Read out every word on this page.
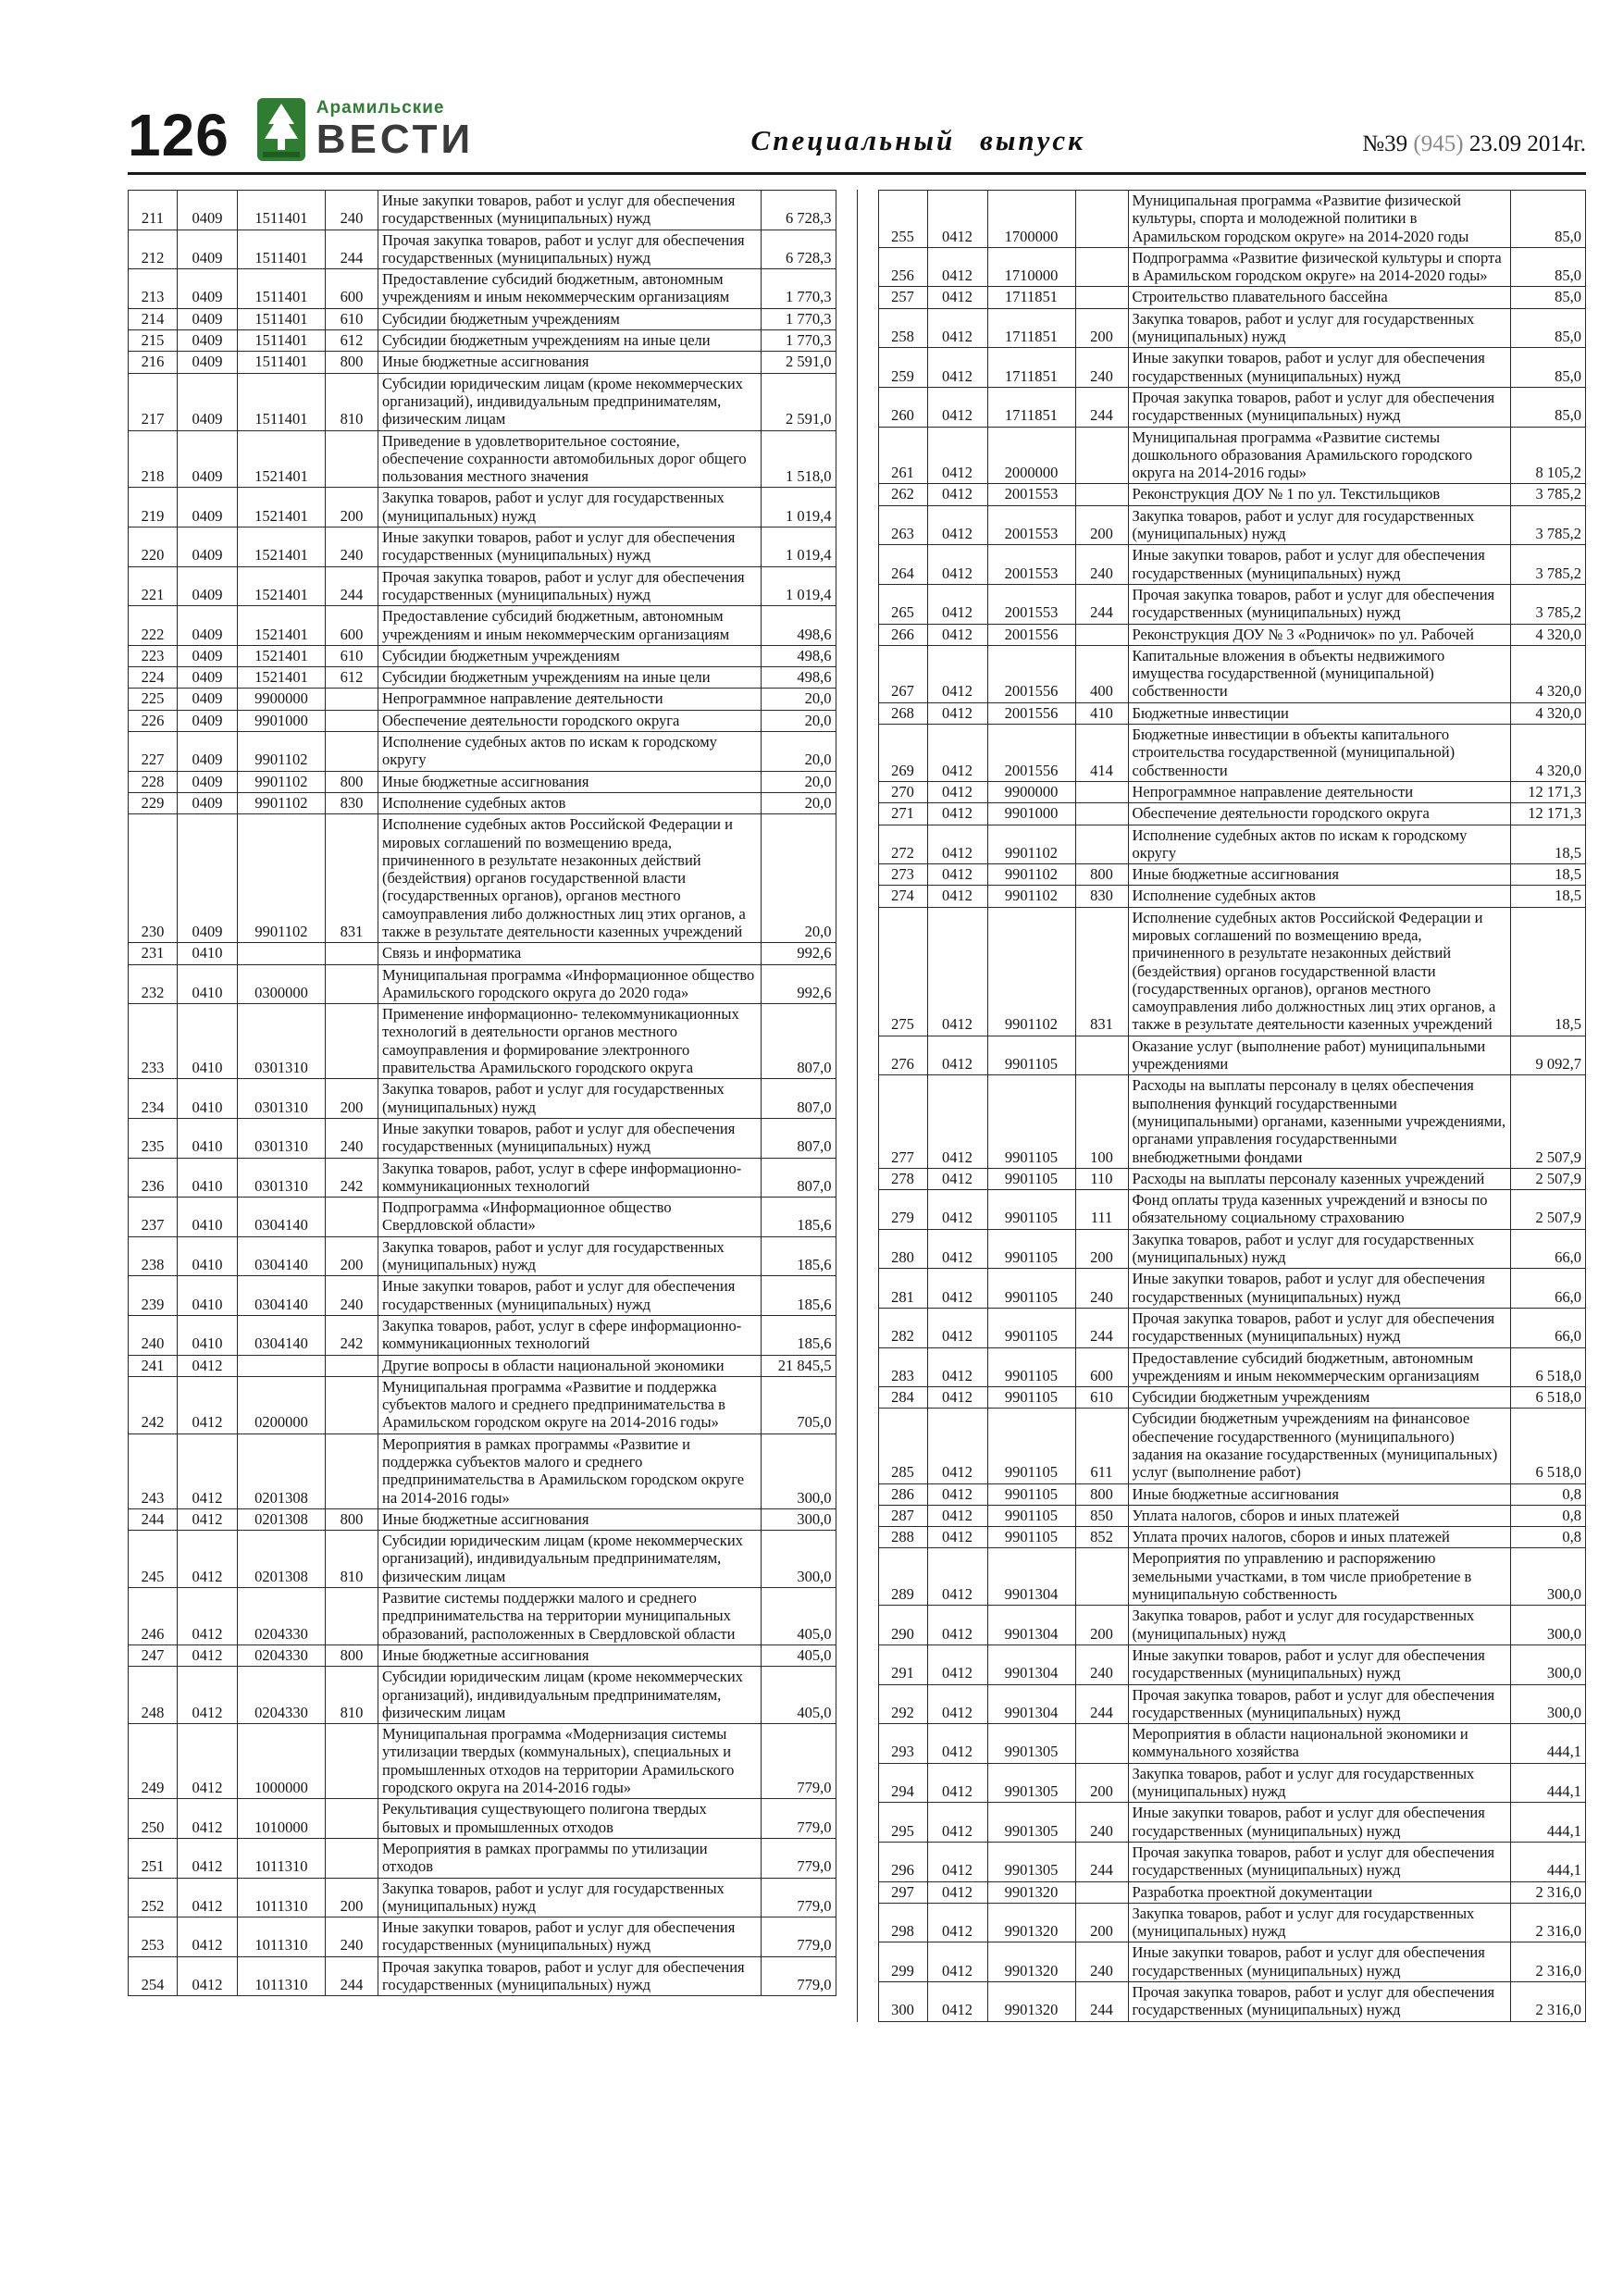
126	Арамильские
ВЕСТИ	Специальный выпуск	№39 (945) 23.09 2014г.
211	0409	1511401	240	Иные закупки товаров, работ и услуг для обеспечения государственных (муниципальных) нужд	6 728,3
212	0409	1511401	244	Прочая закупка товаров, работ и услуг для обеспечения государственных (муниципальных) нужд	6 728,3
213	0409	1511401	600	Предоставление субсидий бюджетным, автономным учреждениям и иным некоммерческим организациям	1 770,3
214	0409	1511401	610	Субсидии бюджетным учреждениям	1 770,3
215	0409	1511401	612	Субсидии бюджетным учреждениям на иные цели	1 770,3
216	0409	1511401	800	Иные бюджетные ассигнования	2 591,0
217	0409	1511401	810	Субсидии юридическим лицам (кроме некоммерческих организаций), индивидуальным предпринимателям, физическим лицам	2 591,0
218	0409	1521401		Приведение в удовлетворительное состояние, обеспечение сохранности автомобильных дорог общего пользования местного значения	1 518,0
219	0409	1521401	200	Закупка товаров, работ и услуг для государственных (муниципальных) нужд	1 019,4
220	0409	1521401	240	Иные закупки товаров, работ и услуг для обеспечения государственных (муниципальных) нужд	1 019,4
221	0409	1521401	244	Прочая закупка товаров, работ и услуг для обеспечения государственных (муниципальных) нужд	1 019,4
222	0409	1521401	600	Предоставление субсидий бюджетным, автономным учреждениям и иным некоммерческим организациям	498,6
223	0409	1521401	610	Субсидии бюджетным учреждениям	498,6
224	0409	1521401	612	Субсидии бюджетным учреждениям на иные цели	498,6
225	0409	9900000		Непрограммное направление деятельности	20,0
226	0409	9901000		Обеспечение деятельности городского округа	20,0
227	0409	9901102		Исполнение судебных актов по искам к городскому округу	20,0
228	0409	9901102	800	Иные бюджетные ассигнования	20,0
229	0409	9901102	830	Исполнение судебных актов	20,0
230	0409	9901102	831	Исполнение судебных актов Российской Федерации и мировых соглашений по возмещению вреда, причиненного в результате незаконных действий (бездействия) органов государственной власти (государственных органов), органов местного самоуправления либо должностных лиц этих органов, а также в результате деятельности казенных учреждений	20,0
231	0410			Связь и информатика	992,6
232	0410	0300000		Муниципальная программа «Информационное общество Арамильского городского округа до 2020 года»	992,6
233	0410	0301310		Применение информационно- телекоммуникационных технологий в деятельности органов местного самоуправления и формирование электронного правительства Арамильского городского округа	807,0
234	0410	0301310	200	Закупка товаров, работ и услуг для государственных (муниципальных) нужд	807,0
235	0410	0301310	240	Иные закупки товаров, работ и услуг для обеспечения государственных (муниципальных) нужд	807,0
236	0410	0301310	242	Закупка товаров, работ, услуг в сфере информационно-коммуникационных технологий	807,0
237	0410	0304140		Подпрограмма «Информационное общество Свердловской области»	185,6
238	0410	0304140	200	Закупка товаров, работ и услуг для государственных (муниципальных) нужд	185,6
239	0410	0304140	240	Иные закупки товаров, работ и услуг для обеспечения государственных (муниципальных) нужд	185,6
240	0410	0304140	242	Закупка товаров, работ, услуг в сфере информационно-коммуникационных технологий	185,6
241	0412			Другие вопросы в области национальной экономики	21 845,5
242	0412	0200000		Муниципальная программа «Развитие и поддержка субъектов малого и среднего предпринимательства в Арамильском городском округе на 2014-2016 годы»	705,0
243	0412	0201308		Мероприятия в рамках программы «Развитие и поддержка субъектов малого и среднего предпринимательства в Арамильском городском округе на 2014-2016 годы»	300,0
244	0412	0201308	800	Иные бюджетные ассигнования	300,0
245	0412	0201308	810	Субсидии юридическим лицам (кроме некоммерческих организаций), индивидуальным предпринимателям, физическим лицам	300,0
246	0412	0204330		Развитие системы поддержки малого и среднего предпринимательства на территории муниципальных образований, расположенных в Свердловской области	405,0
247	0412	0204330	800	Иные бюджетные ассигнования	405,0
248	0412	0204330	810	Субсидии юридическим лицам (кроме некоммерческих организаций), индивидуальным предпринимателям, физическим лицам	405,0
249	0412	1000000		Муниципальная программа «Модернизация системы утилизации твердых (коммунальных), специальных и промышленных отходов на территории Арамильского городского округа на 2014-2016 годы»	779,0
250	0412	1010000		Рекультивация существующего полигона твердых бытовых и промышленных отходов	779,0
251	0412	1011310		Мероприятия в рамках программы по утилизации отходов	779,0
252	0412	1011310	200	Закупка товаров, работ и услуг для государственных (муниципальных) нужд	779,0
253	0412	1011310	240	Иные закупки товаров, работ и услуг для обеспечения государственных (муниципальных) нужд	779,0
254	0412	1011310	244	Прочая закупка товаров, работ и услуг для обеспечения государственных (муниципальных) нужд	779,0
255	0412	1700000		Муниципальная программа «Развитие физической культуры, спорта и молодежной политики в Арамильском городском округе» на 2014-2020 годы	85,0
256	0412	1710000		Подпрограмма «Развитие физической культуры и спорта в Арамильском городском округе» на 2014-2020 годы»	85,0
257	0412	1711851		Строительство плавательного бассейна	85,0
258	0412	1711851	200	Закупка товаров, работ и услуг для государственных (муниципальных) нужд	85,0
259	0412	1711851	240	Иные закупки товаров, работ и услуг для обеспечения государственных (муниципальных) нужд	85,0
260	0412	1711851	244	Прочая закупка товаров, работ и услуг для обеспечения государственных (муниципальных) нужд	85,0
261	0412	2000000		Муниципальная программа «Развитие системы дошкольного образования Арамильского городского округа на 2014-2016 годы»	8 105,2
262	0412	2001553		Реконструкция ДОУ № 1 по ул. Текстильщиков	3 785,2
263	0412	2001553	200	Закупка товаров, работ и услуг для государственных (муниципальных) нужд	3 785,2
264	0412	2001553	240	Иные закупки товаров, работ и услуг для обеспечения государственных (муниципальных) нужд	3 785,2
265	0412	2001553	244	Прочая закупка товаров, работ и услуг для обеспечения государственных (муниципальных) нужд	3 785,2
266	0412	2001556		Реконструкция ДОУ № 3 «Родничок» по ул. Рабочей	4 320,0
267	0412	2001556	400	Капитальные вложения в объекты недвижимого имущества государственной (муниципальной) собственности	4 320,0
268	0412	2001556	410	Бюджетные инвестиции	4 320,0
269	0412	2001556	414	Бюджетные инвестиции в объекты капитального строительства государственной (муниципальной) собственности	4 320,0
270	0412	9900000		Непрограммное направление деятельности	12 171,3
271	0412	9901000		Обеспечение деятельности городского округа	12 171,3
272	0412	9901102		Исполнение судебных актов по искам к городскому округу	18,5
273	0412	9901102	800	Иные бюджетные ассигнования	18,5
274	0412	9901102	830	Исполнение судебных актов	18,5
275	0412	9901102	831	Исполнение судебных актов Российской Федерации и мировых соглашений по возмещению вреда, причиненного в результате незаконных действий (бездействия) органов государственной власти (государственных органов), органов местного самоуправления либо должностных лиц этих органов, а также в результате деятельности казенных учреждений	18,5
276	0412	9901105		Оказание услуг (выполнение работ) муниципальными учреждениями	9 092,7
277	0412	9901105	100	Расходы на выплаты персоналу в целях обеспечения выполнения функций государственными (муниципальными) органами, казенными учреждениями, органами управления государственными внебюджетными фондами	2 507,9
278	0412	9901105	110	Расходы на выплаты персоналу казенных учреждений	2 507,9
279	0412	9901105	111	Фонд оплаты труда казенных учреждений и взносы по обязательному социальному страхованию	2 507,9
280	0412	9901105	200	Закупка товаров, работ и услуг для государственных (муниципальных) нужд	66,0
281	0412	9901105	240	Иные закупки товаров, работ и услуг для обеспечения государственных (муниципальных) нужд	66,0
282	0412	9901105	244	Прочая закупка товаров, работ и услуг для обеспечения государственных (муниципальных) нужд	66,0
283	0412	9901105	600	Предоставление субсидий бюджетным, автономным учреждениям и иным некоммерческим организациям	6 518,0
284	0412	9901105	610	Субсидии бюджетным учреждениям	6 518,0
285	0412	9901105	611	Субсидии бюджетным учреждениям на финансовое обеспечение государственного (муниципального) задания на оказание государственных (муниципальных) услуг (выполнение работ)	6 518,0
286	0412	9901105	800	Иные бюджетные ассигнования	0,8
287	0412	9901105	850	Уплата налогов, сборов и иных платежей	0,8
288	0412	9901105	852	Уплата прочих налогов, сборов и иных платежей	0,8
289	0412	9901304		Мероприятия по управлению и распоряжению земельными участками, в том числе приобретение в муниципальную собственность	300,0
290	0412	9901304	200	Закупка товаров, работ и услуг для государственных (муниципальных) нужд	300,0
291	0412	9901304	240	Иные закупки товаров, работ и услуг для обеспечения государственных (муниципальных) нужд	300,0
292	0412	9901304	244	Прочая закупка товаров, работ и услуг для обеспечения государственных (муниципальных) нужд	300,0
293	0412	9901305		Мероприятия в области национальной экономики и коммунального хозяйства	444,1
294	0412	9901305	200	Закупка товаров, работ и услуг для государственных (муниципальных) нужд	444,1
295	0412	9901305	240	Иные закупки товаров, работ и услуг для обеспечения государственных (муниципальных) нужд	444,1
296	0412	9901305	244	Прочая закупка товаров, работ и услуг для обеспечения государственных (муниципальных) нужд	444,1
297	0412	9901320		Разработка проектной документации	2 316,0
298	0412	9901320	200	Закупка товаров, работ и услуг для государственных (муниципальных) нужд	2 316,0
299	0412	9901320	240	Иные закупки товаров, работ и услуг для обеспечения государственных (муниципальных) нужд	2 316,0
300	0412	9901320	244	Прочая закупка товаров, работ и услуг для обеспечения государственных (муниципальных) нужд	2 316,0
